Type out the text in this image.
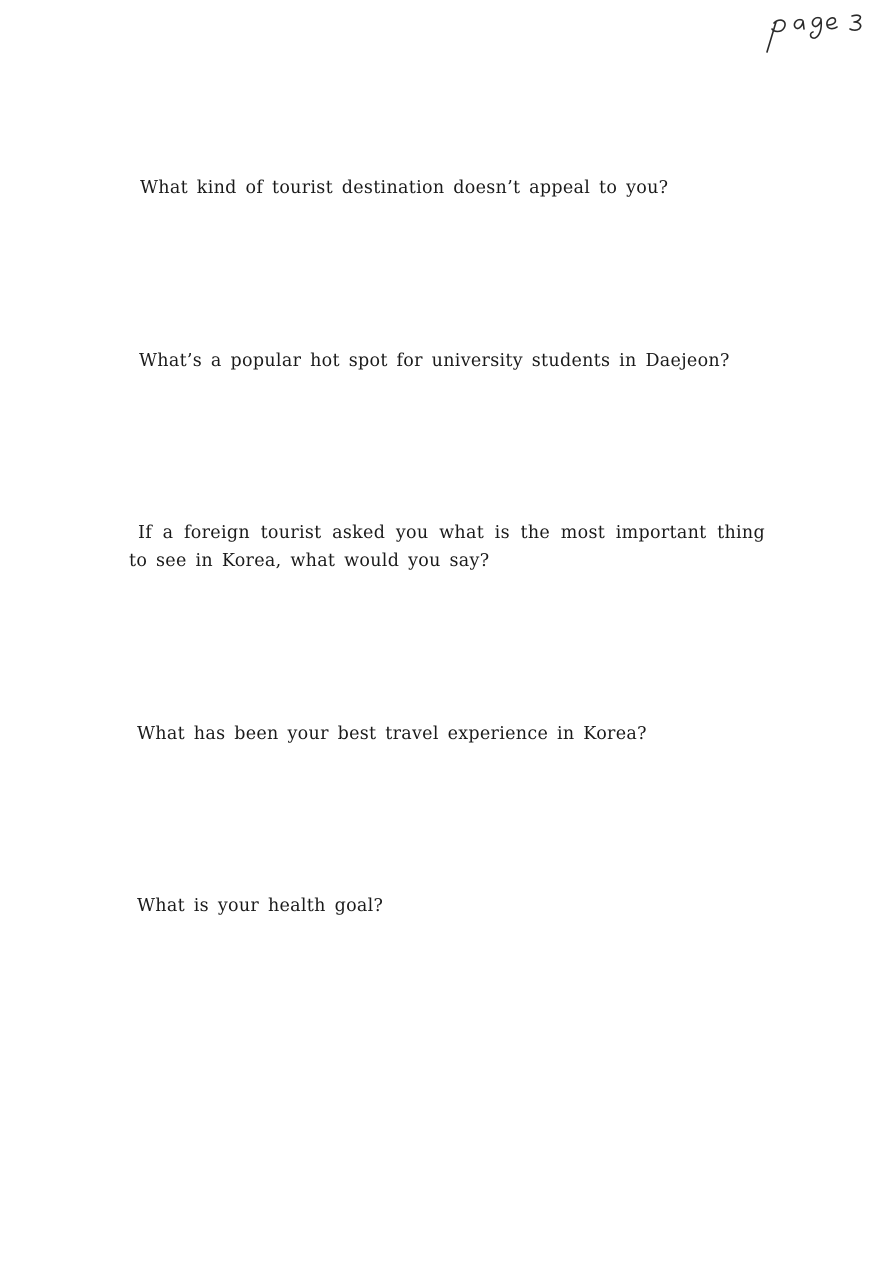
What kind of tourist destination doesn’t appeal to you?

What’s a popular hot spot for university students in Daejeon?

If a foreign tourist asked you what is the most important thing to see in Korea, what would you say?

What has been your best travel experience in Korea?

What is your health goal?
